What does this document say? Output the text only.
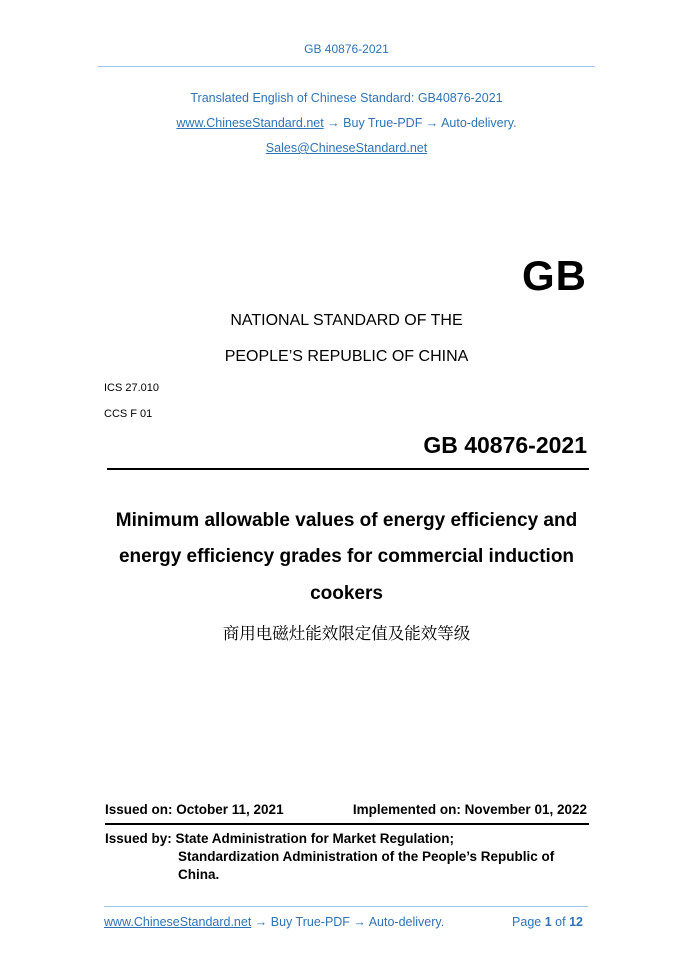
GB 40876-2021
Translated English of Chinese Standard: GB40876-2021
www.ChineseStandard.net → Buy True-PDF → Auto-delivery.
Sales@ChineseStandard.net
GB
NATIONAL STANDARD OF THE
PEOPLE’S REPUBLIC OF CHINA
ICS 27.010
CCS F 01
GB 40876-2021
Minimum allowable values of energy efficiency and
energy efficiency grades for commercial induction
cookers
商用电磁灶能效限定值及能效等级
Issued on: October 11, 2021	Implemented on: November 01, 2022
Issued by: State Administration for Market Regulation;
Standardization Administration of the People’s Republic of
China.
www.ChineseStandard.net → Buy True-PDF → Auto-delivery.	Page 1 of 12
